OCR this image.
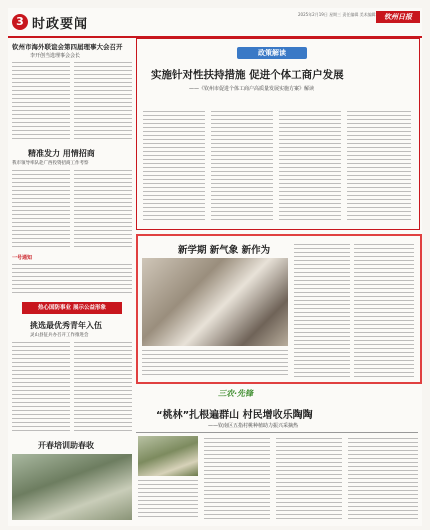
3 时政要闻
2025年2月19日 星期三 责任编辑 美术编辑	钦州日报
钦州市海外联谊会第四届理事大会召开
李开创当选理事会会长
精准发力 用情招商
我市领导率队赴广西投资招商工作考察
一号通知
热心国防事业 展示公益形象
挑选最优秀青年入伍
灵山县征兵办召开工作推进会
开春培训助春收
政策解读
实施针对性扶持措施 促进个体工商户发展
——《钦州市促进个体工商户高质量发展实施方案》解读
新学期 新气象 新作为
三农·先锋
“桃林”扎根遍群山 村民增收乐陶陶
——钦南区五指村桃种植助力振兴采摘热
